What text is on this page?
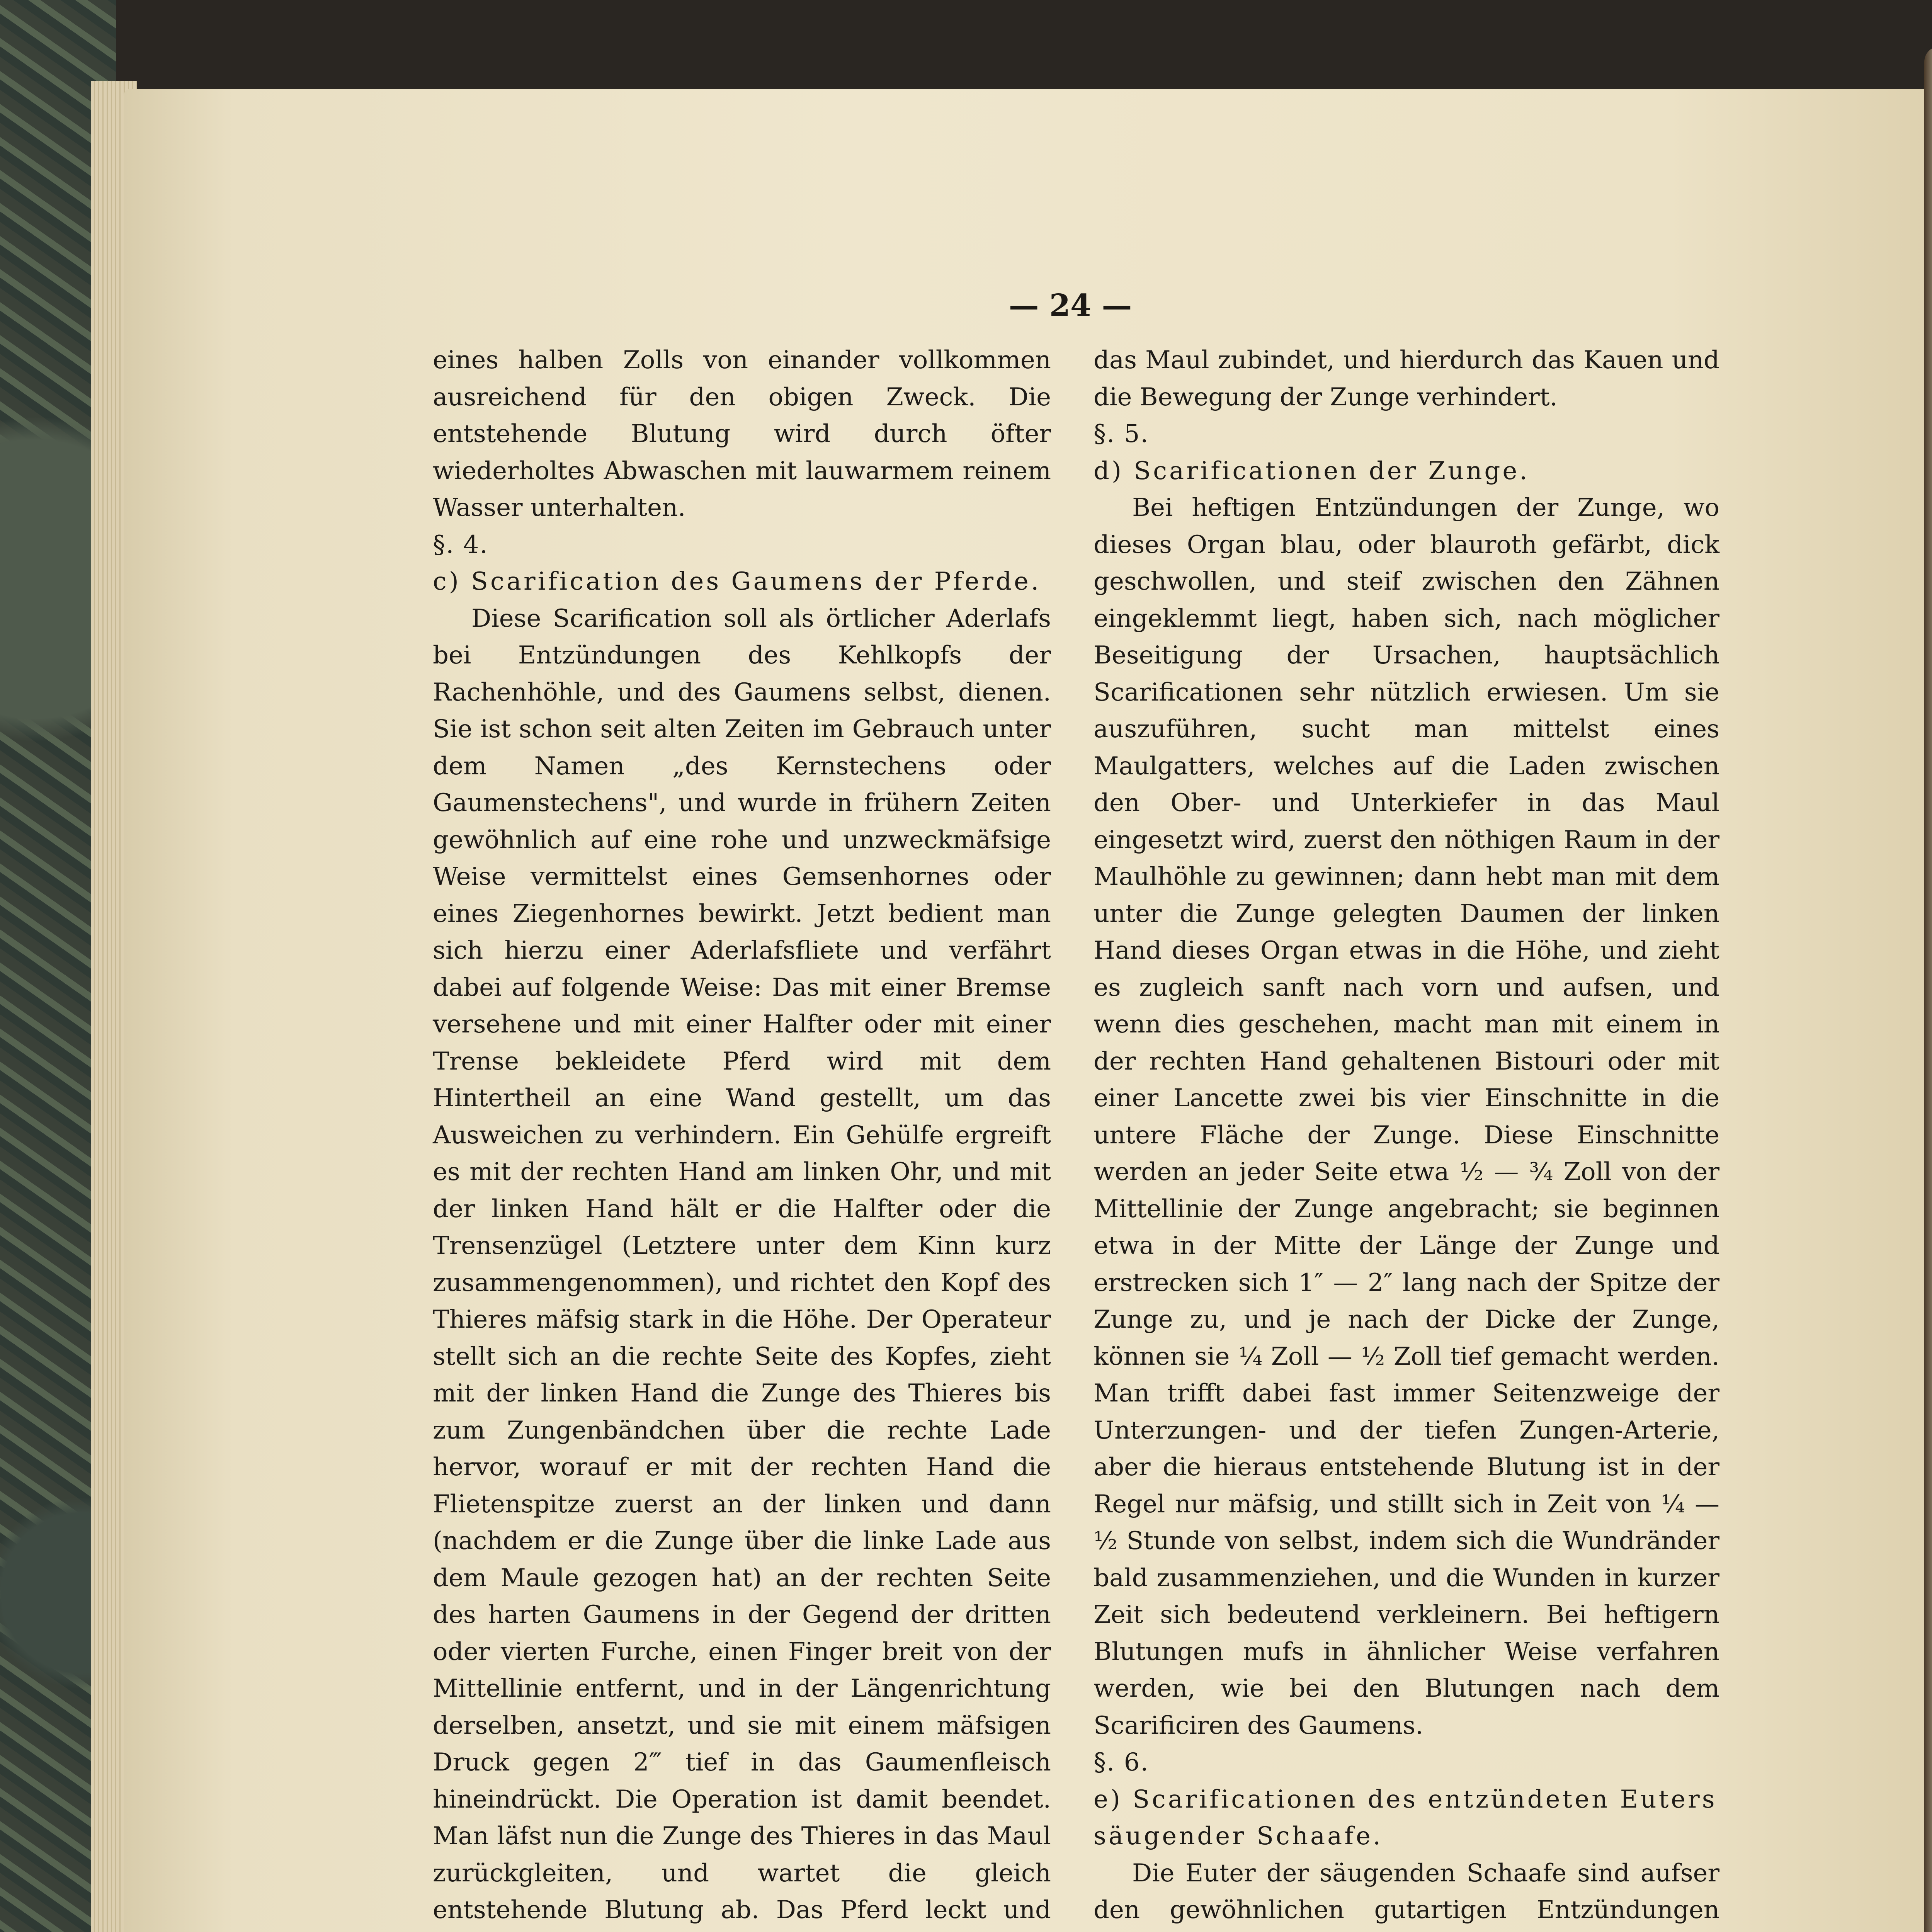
— 24 —

eines halben Zolls von einander vollkommen ausreichend für den obigen Zweck. Die entstehende Blutung wird durch öfter wiederholtes Abwaschen mit lauwarmem reinem Wasser unterhalten.

§. 4.

c) Scarification des Gaumens der Pferde.

Diese Scarification soll als örtlicher Aderlafs bei Entzündungen des Kehlkopfs der Rachenhöhle, und des Gaumens selbst, dienen. Sie ist schon seit alten Zeiten im Gebrauch unter dem Namen „des Kernstechens oder Gaumenstechens", und wurde in frühern Zeiten gewöhnlich auf eine rohe und unzweckmäfsige Weise vermittelst eines Gemsenhornes oder eines Ziegenhornes bewirkt. Jetzt bedient man sich hierzu einer Aderlafsfliete und verfährt dabei auf folgende Weise: Das mit einer Bremse versehene und mit einer Halfter oder mit einer Trense bekleidete Pferd wird mit dem Hintertheil an eine Wand gestellt, um das Ausweichen zu verhindern. Ein Gehülfe ergreift es mit der rechten Hand am linken Ohr, und mit der linken Hand hält er die Halfter oder die Trensenzügel (Letztere unter dem Kinn kurz zusammengenommen), und richtet den Kopf des Thieres mäfsig stark in die Höhe. Der Operateur stellt sich an die rechte Seite des Kopfes, zieht mit der linken Hand die Zunge des Thieres bis zum Zungenbändchen über die rechte Lade hervor, worauf er mit der rechten Hand die Flietenspitze zuerst an der linken und dann (nachdem er die Zunge über die linke Lade aus dem Maule gezogen hat) an der rechten Seite des harten Gaumens in der Gegend der dritten oder vierten Furche, einen Finger breit von der Mittellinie entfernt, und in der Längenrichtung derselben, ansetzt, und sie mit einem mäfsigen Druck gegen 2‴ tief in das Gaumenfleisch hineindrückt. Die Operation ist damit beendet. Man läfst nun die Zunge des Thieres in das Maul zurückgleiten, und wartet die gleich entstehende Blutung ab. Das Pferd leckt und

das Maul zubindet, und hierdurch das Kauen und die Bewegung der Zunge verhindert.

§. 5.

d) Scarificationen der Zunge.

Bei heftigen Entzündungen der Zunge, wo dieses Organ blau, oder blauroth gefärbt, dick geschwollen, und steif zwischen den Zähnen eingeklemmt liegt, haben sich, nach möglicher Beseitigung der Ursachen, hauptsächlich Scarificationen sehr nützlich erwiesen. Um sie auszuführen, sucht man mittelst eines Maulgatters, welches auf die Laden zwischen den Ober- und Unterkiefer in das Maul eingesetzt wird, zuerst den nöthigen Raum in der Maulhöhle zu gewinnen; dann hebt man mit dem unter die Zunge gelegten Daumen der linken Hand dieses Organ etwas in die Höhe, und zieht es zugleich sanft nach vorn und aufsen, und wenn dies geschehen, macht man mit einem in der rechten Hand gehaltenen Bistouri oder mit einer Lancette zwei bis vier Einschnitte in die untere Fläche der Zunge. Diese Einschnitte werden an jeder Seite etwa ½ — ¾ Zoll von der Mittellinie der Zunge angebracht; sie beginnen etwa in der Mitte der Länge der Zunge und erstrecken sich 1″ — 2″ lang nach der Spitze der Zunge zu, und je nach der Dicke der Zunge, können sie ¼ Zoll — ½ Zoll tief gemacht werden. Man trifft dabei fast immer Seitenzweige der Unterzungen- und der tiefen Zungen-Arterie, aber die hieraus entstehende Blutung ist in der Regel nur mäfsig, und stillt sich in Zeit von ¼ — ½ Stunde von selbst, indem sich die Wundränder bald zusammenziehen, und die Wunden in kurzer Zeit sich bedeutend verkleinern. Bei heftigern Blutungen mufs in ähnlicher Weise verfahren werden, wie bei den Blutungen nach dem Scarificiren des Gaumens.

§. 6.

e) Scarificationen des entzündeten Euters

säugender Schaafe.

Die Euter der säugenden Schaafe sind aufser den gewöhnlichen gutartigen Entzündungen
